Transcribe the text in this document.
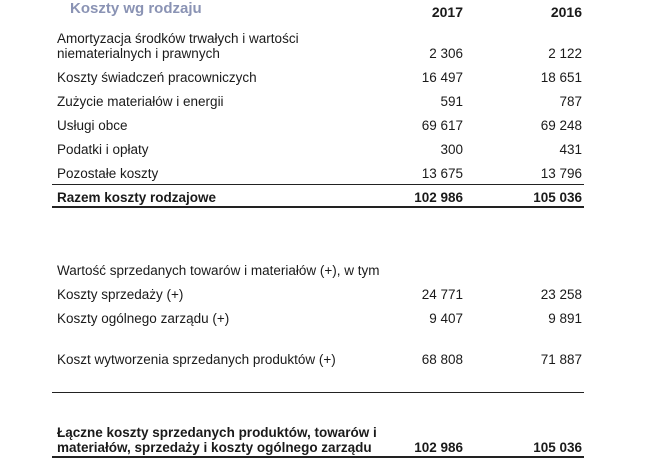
Koszty wg rodzaju	2017	2016
Amortyzacja środków trwałych i wartości
niematerialnych i prawnych	2 306	2 122
Koszty świadczeń pracowniczych	16 497	18 651
Zużycie materiałów i energii	591	787
Usługi obce	69 617	69 248
Podatki i opłaty	300	431
Pozostałe koszty	13 675	13 796
Razem koszty rodzajowe	102 986	105 036
Wartość sprzedanych towarów i materiałów (+), w tym
Koszty sprzedaży (+)	24 771	23 258
Koszty ogólnego zarządu (+)	9 407	9 891
Koszt wytworzenia sprzedanych produktów (+)	68 808	71 887
Łączne koszty sprzedanych produktów, towarów i
materiałów, sprzedaży i koszty ogólnego zarządu	102 986	105 036
